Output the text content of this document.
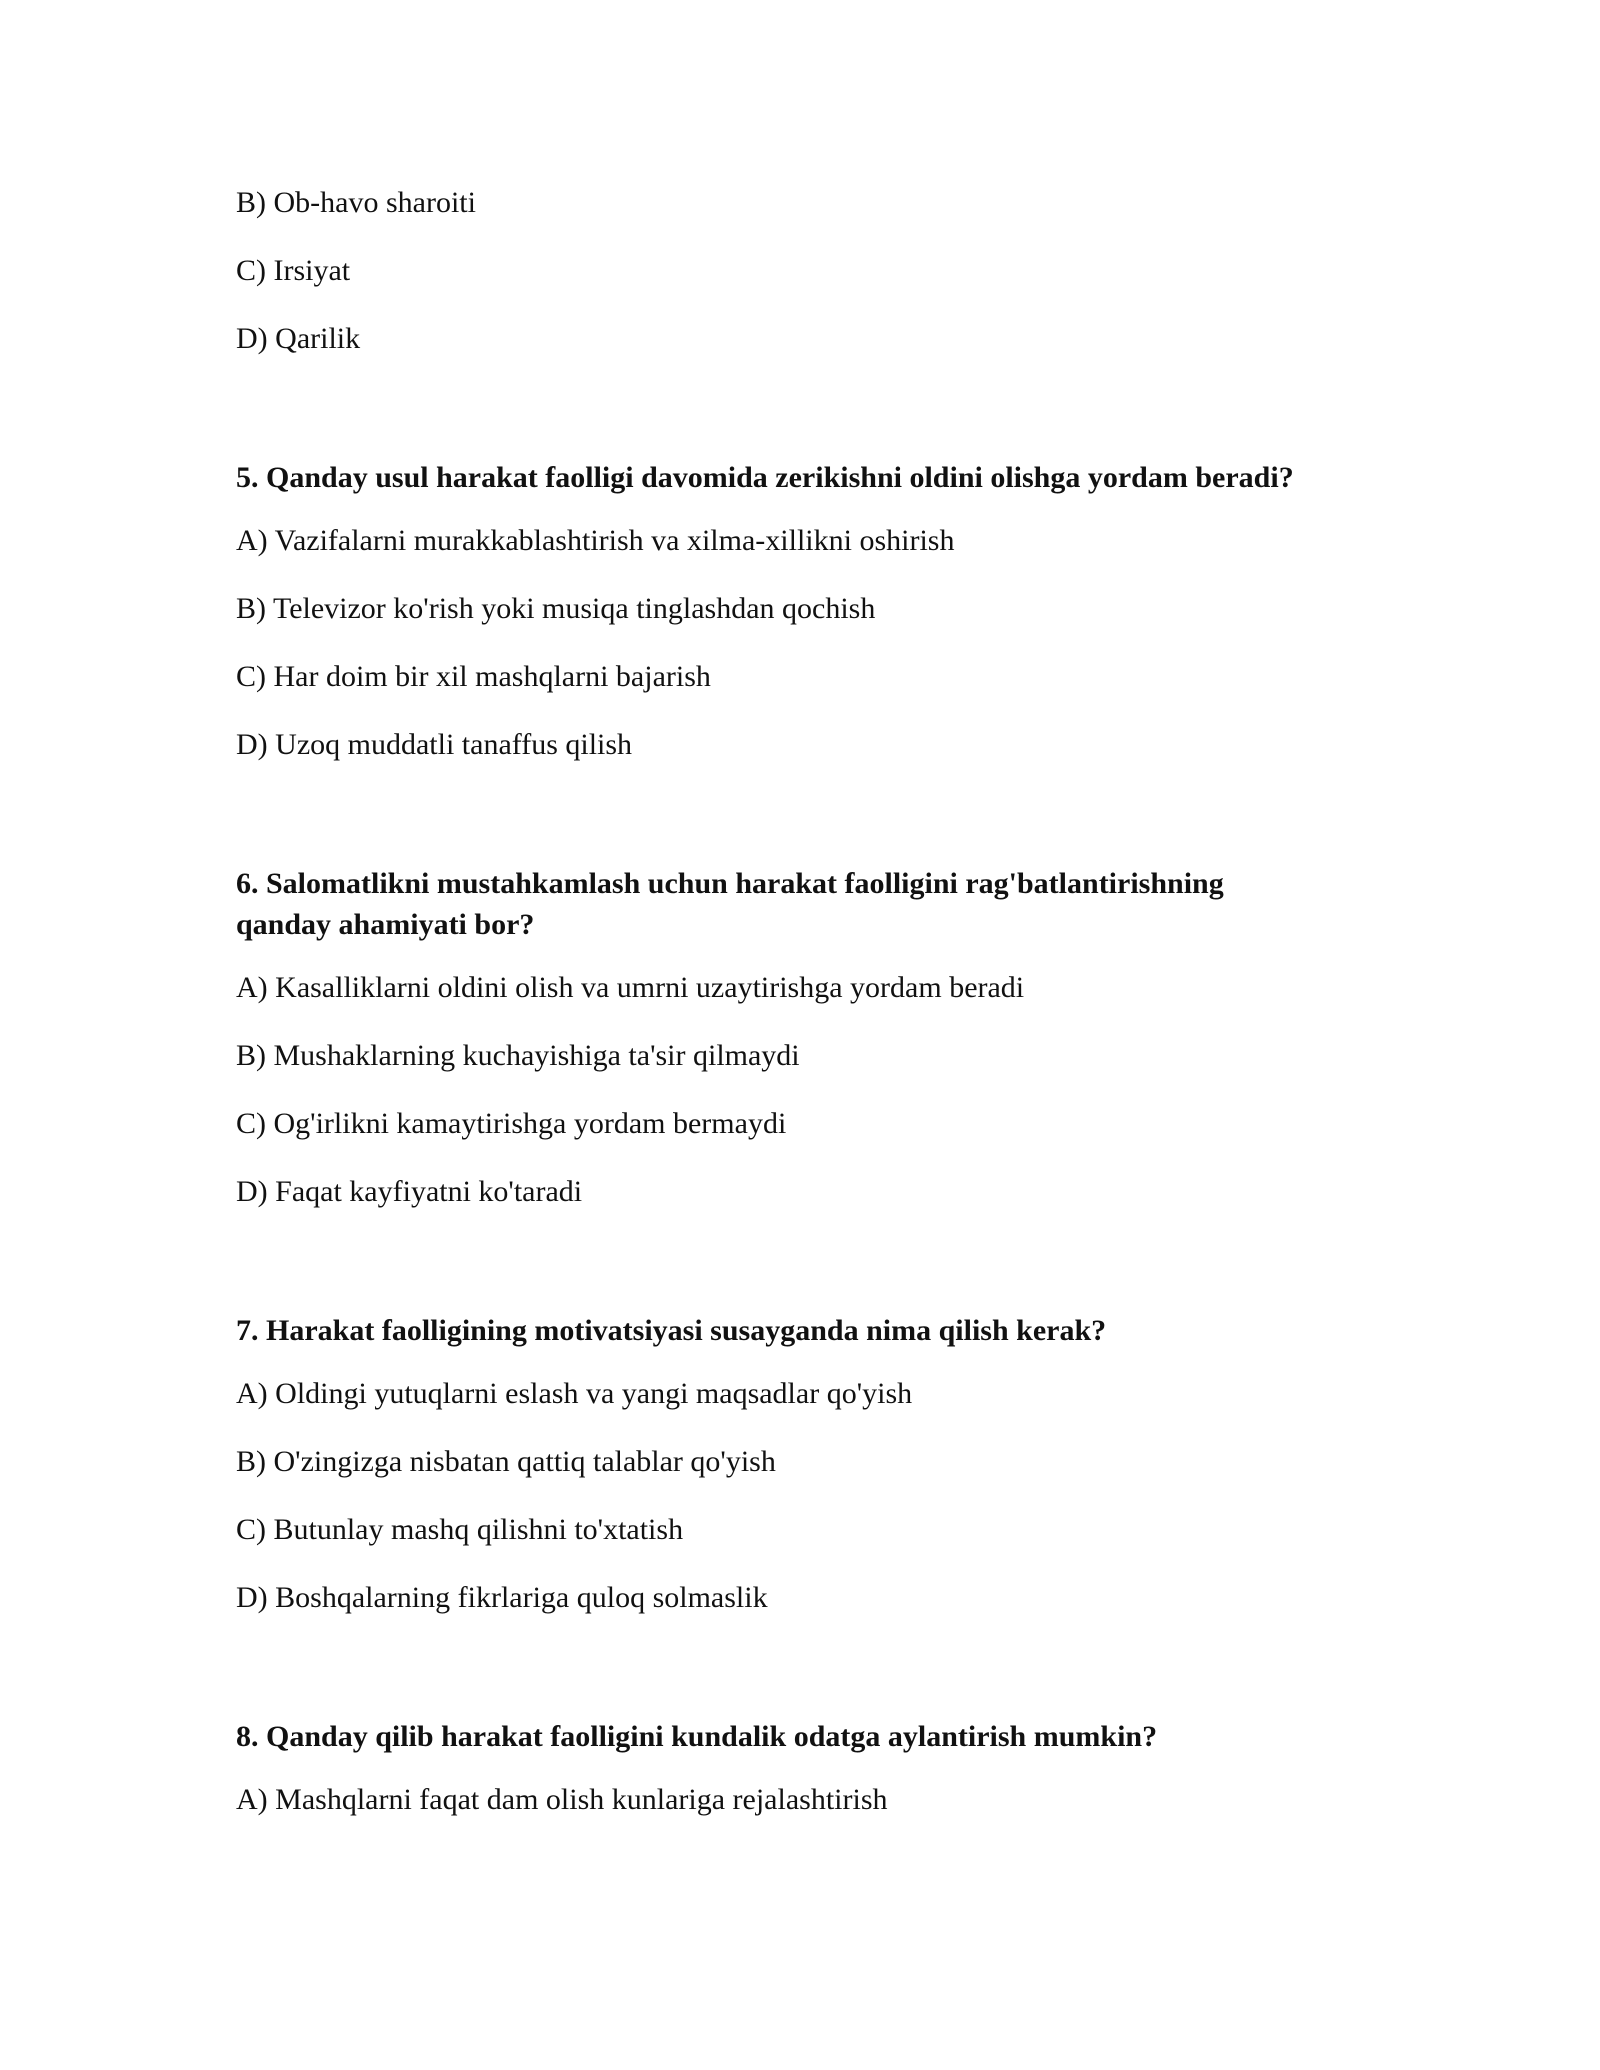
B) Ob-havo sharoiti

C) Irsiyat

D) Qarilik

5. Qanday usul harakat faolligi davomida zerikishni oldini olishga yordam beradi?

A) Vazifalarni murakkablashtirish va xilma-xillikni oshirish

B) Televizor ko'rish yoki musiqa tinglashdan qochish

C) Har doim bir xil mashqlarni bajarish

D) Uzoq muddatli tanaffus qilish

6. Salomatlikni mustahkamlash uchun harakat faolligini rag'batlantirishning
qanday ahamiyati bor?

A) Kasalliklarni oldini olish va umrni uzaytirishga yordam beradi

B) Mushaklarning kuchayishiga ta'sir qilmaydi

C) Og'irlikni kamaytirishga yordam bermaydi

D) Faqat kayfiyatni ko'taradi

7. Harakat faolligining motivatsiyasi susayganda nima qilish kerak?

A) Oldingi yutuqlarni eslash va yangi maqsadlar qo'yish

B) O'zingizga nisbatan qattiq talablar qo'yish

C) Butunlay mashq qilishni to'xtatish

D) Boshqalarning fikrlariga quloq solmaslik

8. Qanday qilib harakat faolligini kundalik odatga aylantirish mumkin?

A) Mashqlarni faqat dam olish kunlariga rejalashtirish
